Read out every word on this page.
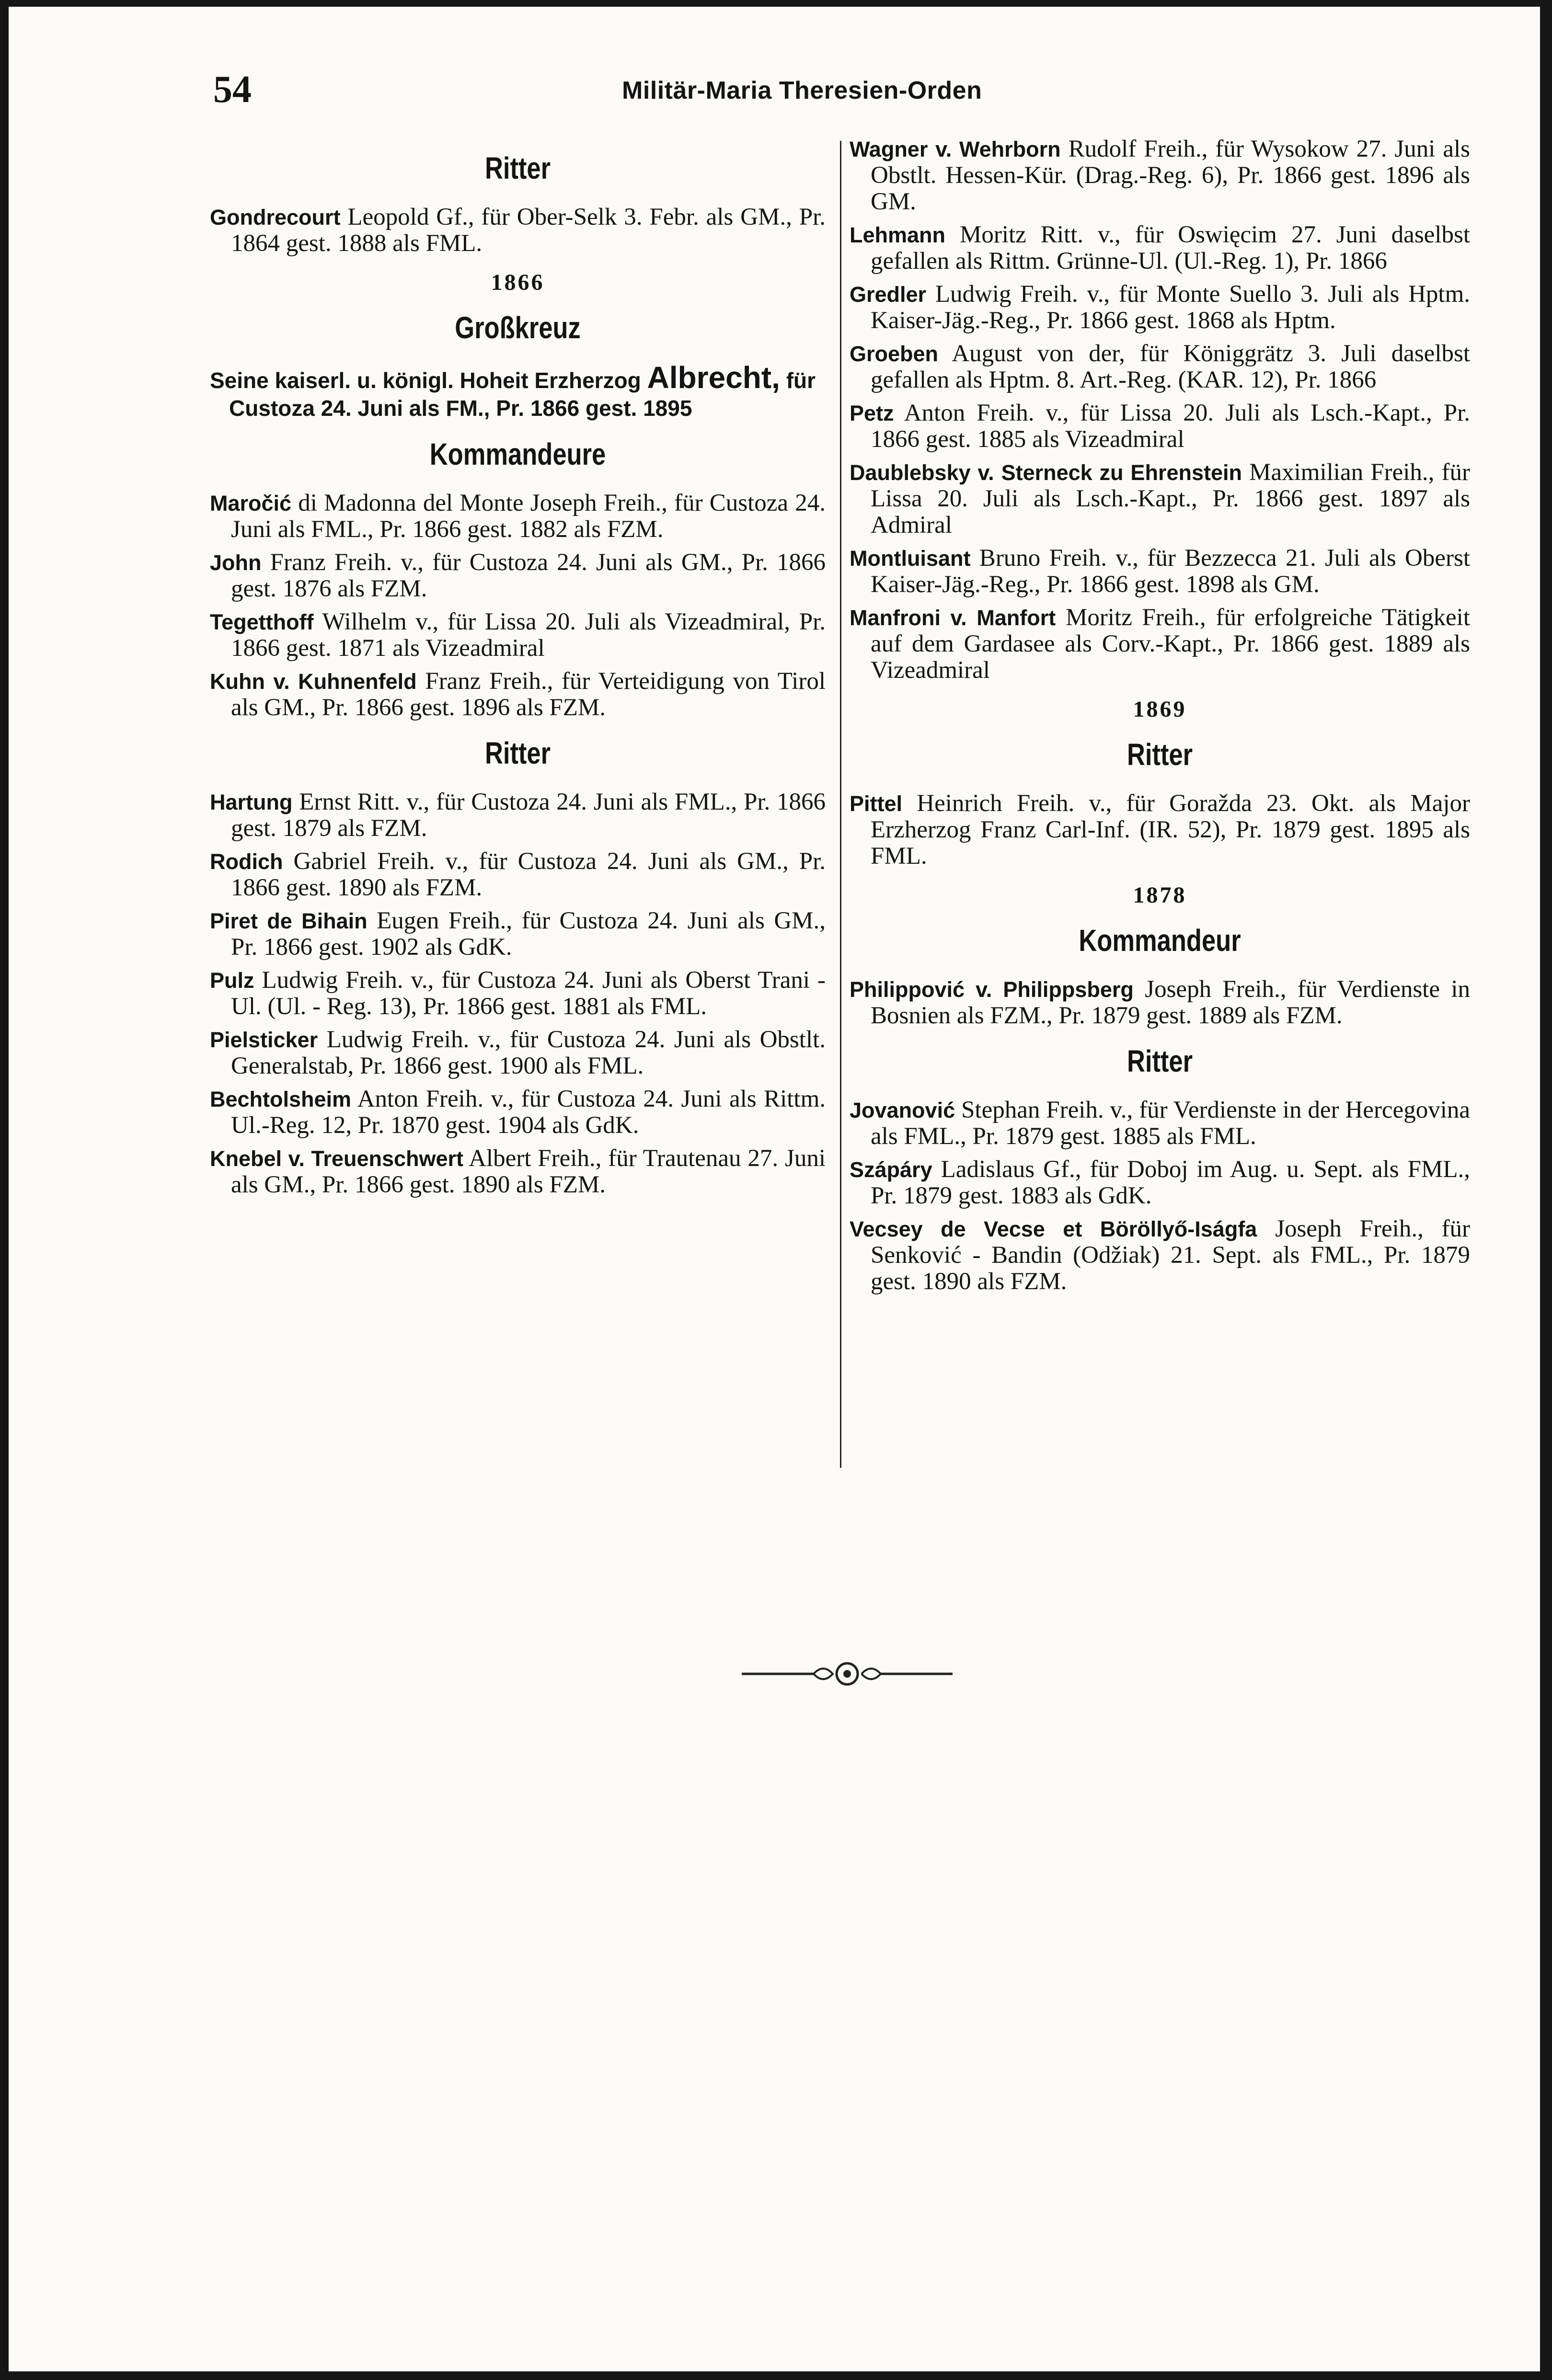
54	Militär-Maria Theresien-Orden
Ritter
Gondrecourt Leopold Gf., für Ober-Selk 3. Febr. als GM., Pr. 1864 gest. 1888 als FML.
1866
Großkreuz
Seine kaiserl. u. königl. Hoheit Erzherzog Albrecht, für Custoza 24. Juni als FM., Pr. 1866 gest. 1895
Kommandeure
Maročić di Madonna del Monte Joseph Freih., für Custoza 24. Juni als FML., Pr. 1866 gest. 1882 als FZM.
John Franz Freih. v., für Custoza 24. Juni als GM., Pr. 1866 gest. 1876 als FZM.
Tegetthoff Wilhelm v., für Lissa 20. Juli als Vizeadmiral, Pr. 1866 gest. 1871 als Vizeadmiral
Kuhn v. Kuhnenfeld Franz Freih., für Verteidigung von Tirol als GM., Pr. 1866 gest. 1896 als FZM.
Ritter
Hartung Ernst Ritt. v., für Custoza 24. Juni als FML., Pr. 1866 gest. 1879 als FZM.
Rodich Gabriel Freih. v., für Custoza 24. Juni als GM., Pr. 1866 gest. 1890 als FZM.
Piret de Bihain Eugen Freih., für Custoza 24. Juni als GM., Pr. 1866 gest. 1902 als GdK.
Pulz Ludwig Freih. v., für Custoza 24. Juni als Oberst Trani - Ul. (Ul. - Reg. 13), Pr. 1866 gest. 1881 als FML.
Pielsticker Ludwig Freih. v., für Custoza 24. Juni als Obstlt. Generalstab, Pr. 1866 gest. 1900 als FML.
Bechtolsheim Anton Freih. v., für Custoza 24. Juni als Rittm. Ul.-Reg. 12, Pr. 1870 gest. 1904 als GdK.
Knebel v. Treuenschwert Albert Freih., für Trautenau 27. Juni als GM., Pr. 1866 gest. 1890 als FZM.
Wagner v. Wehrborn Rudolf Freih., für Wysokow 27. Juni als Obstlt. Hessen-Kür. (Drag.-Reg. 6), Pr. 1866 gest. 1896 als GM.
Lehmann Moritz Ritt. v., für Oswięcim 27. Juni daselbst gefallen als Rittm. Grünne-Ul. (Ul.-Reg. 1), Pr. 1866
Gredler Ludwig Freih. v., für Monte Suello 3. Juli als Hptm. Kaiser-Jäg.-Reg., Pr. 1866 gest. 1868 als Hptm.
Groeben August von der, für Königgrätz 3. Juli daselbst gefallen als Hptm. 8. Art.-Reg. (KAR. 12), Pr. 1866
Petz Anton Freih. v., für Lissa 20. Juli als Lsch.-Kapt., Pr. 1866 gest. 1885 als Vizeadmiral
Daublebsky v. Sterneck zu Ehrenstein Maximilian Freih., für Lissa 20. Juli als Lsch.-Kapt., Pr. 1866 gest. 1897 als Admiral
Montluisant Bruno Freih. v., für Bezzecca 21. Juli als Oberst Kaiser-Jäg.-Reg., Pr. 1866 gest. 1898 als GM.
Manfroni v. Manfort Moritz Freih., für erfolgreiche Tätigkeit auf dem Gardasee als Corv.-Kapt., Pr. 1866 gest. 1889 als Vizeadmiral
1869
Ritter
Pittel Heinrich Freih. v., für Goražda 23. Okt. als Major Erzherzog Franz Carl-Inf. (IR. 52), Pr. 1879 gest. 1895 als FML.
1878
Kommandeur
Philippović v. Philippsberg Joseph Freih., für Verdienste in Bosnien als FZM., Pr. 1879 gest. 1889 als FZM.
Ritter
Jovanović Stephan Freih. v., für Verdienste in der Hercegovina als FML., Pr. 1879 gest. 1885 als FML.
Szápáry Ladislaus Gf., für Doboj im Aug. u. Sept. als FML., Pr. 1879 gest. 1883 als GdK.
Vecsey de Vecse et Böröllyő-Iságfa Joseph Freih., für Senković - Bandin (Odžiak) 21. Sept. als FML., Pr. 1879 gest. 1890 als FZM.
